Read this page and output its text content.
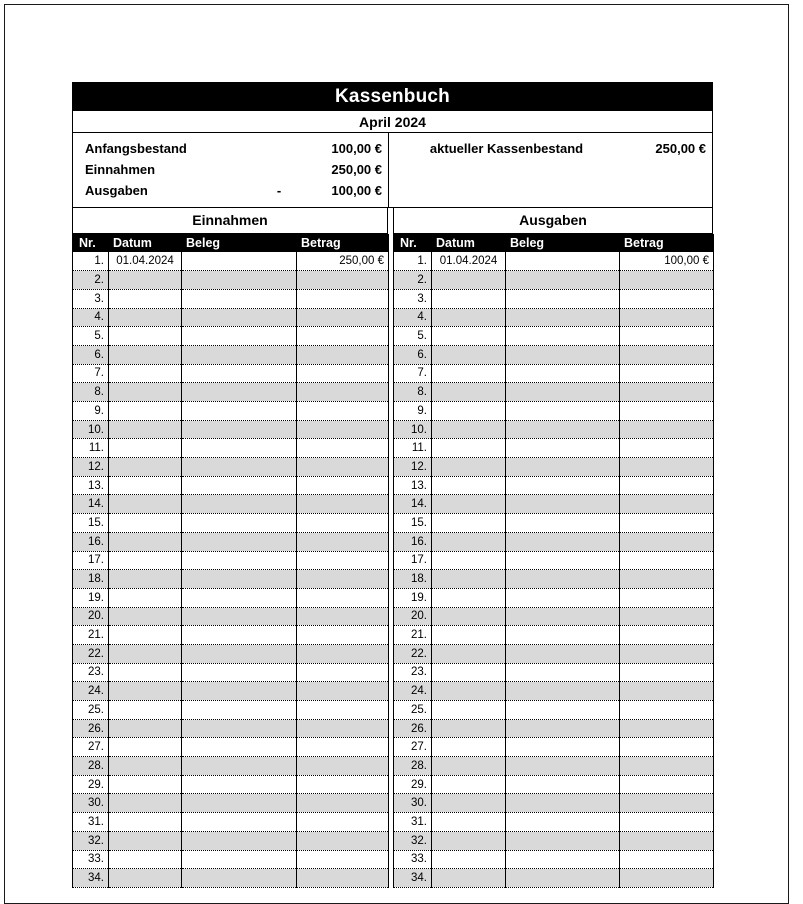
Kassenbuch
April 2024
Anfangsbestand	100,00 €
Einnahmen	250,00 €
Ausgaben	-	100,00 €
aktueller Kassenbestand	250,00 €
Einnahmen	Ausgaben
Nr.	Datum	Beleg	Betrag
1.	01.04.2024		250,00 €
2.			
3.			
4.			
5.			
6.			
7.			
8.			
9.			
10.			
11.			
12.			
13.			
14.			
15.			
16.			
17.			
18.			
19.			
20.			
21.			
22.			
23.			
24.			
25.			
26.			
27.			
28.			
29.			
30.			
31.			
32.			
33.			
34.			
Nr.	Datum	Beleg	Betrag
1.	01.04.2024		100,00 €
2.			
3.			
4.			
5.			
6.			
7.			
8.			
9.			
10.			
11.			
12.			
13.			
14.			
15.			
16.			
17.			
18.			
19.			
20.			
21.			
22.			
23.			
24.			
25.			
26.			
27.			
28.			
29.			
30.			
31.			
32.			
33.			
34.			
